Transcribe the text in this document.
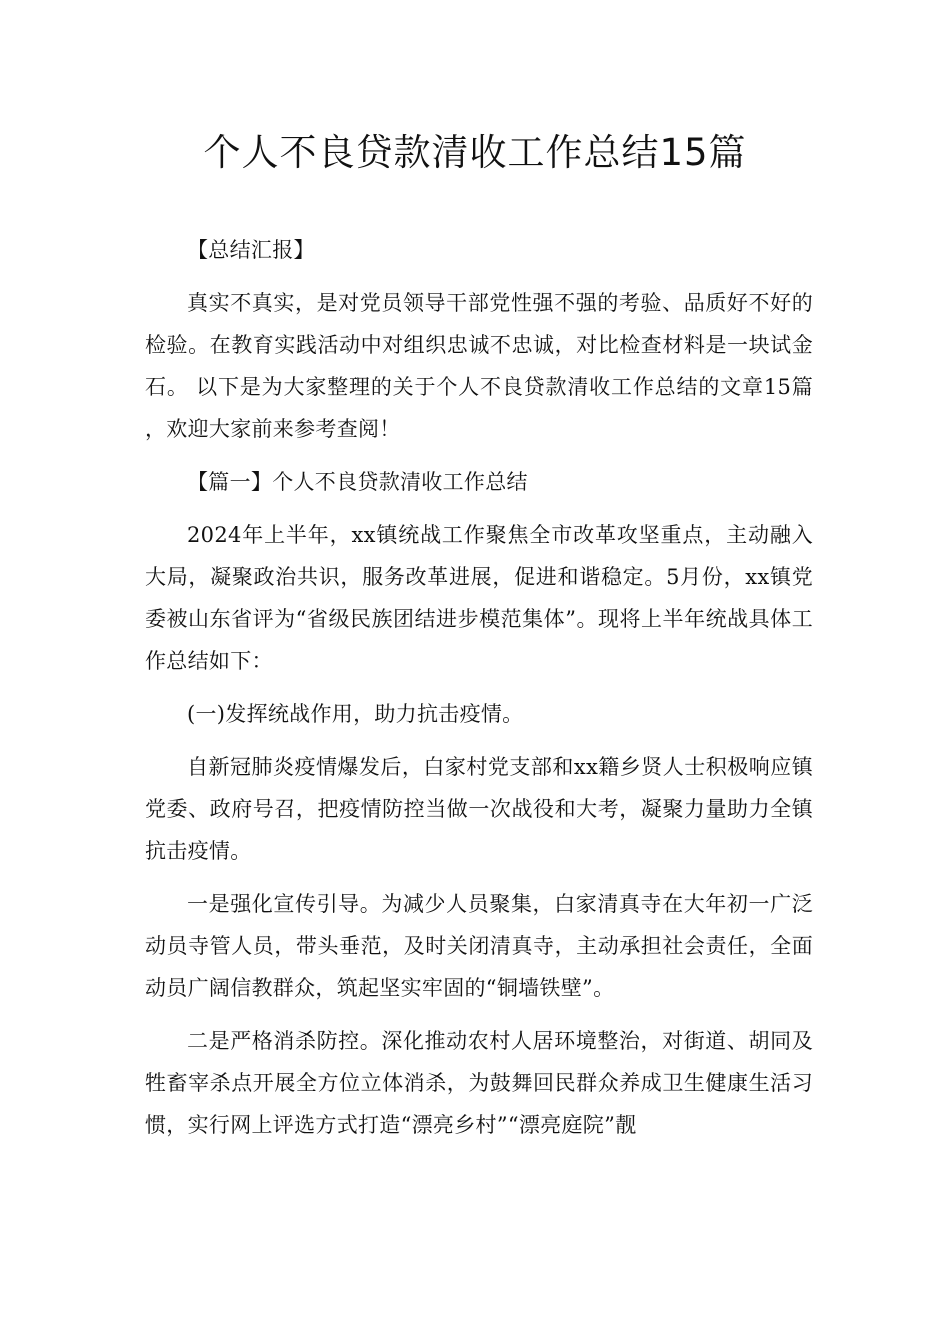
个人不良贷款清收工作总结15篇

【总结汇报】

真实不真实，是对党员领导干部党性强不强的考验、品质好不好的检验。在教育实践活动中对组织忠诚不忠诚，对比检查材料是一块试金石。 以下是为大家整理的关于个人不良贷款清收工作总结的文章15篇 ，欢迎大家前来参考查阅！

【篇一】个人不良贷款清收工作总结

2024年上半年，xx镇统战工作聚焦全市改革攻坚重点，主动融入大局，凝聚政治共识，服务改革进展，促进和谐稳定。5月份，xx镇党委被山东省评为“省级民族团结进步模范集体”。现将上半年统战具体工作总结如下：

(一)发挥统战作用，助力抗击疫情。

自新冠肺炎疫情爆发后，白家村党支部和xx籍乡贤人士积极响应镇党委、政府号召，把疫情防控当做一次战役和大考，凝聚力量助力全镇抗击疫情。

一是强化宣传引导。为减少人员聚集，白家清真寺在大年初一广泛动员寺管人员，带头垂范，及时关闭清真寺，主动承担社会责任，全面动员广阔信教群众，筑起坚实牢固的“铜墙铁壁”。

二是严格消杀防控。深化推动农村人居环境整治，对街道、胡同及牲畜宰杀点开展全方位立体消杀，为鼓舞回民群众养成卫生健康生活习惯，实行网上评选方式打造“漂亮乡村”“漂亮庭院”靓
